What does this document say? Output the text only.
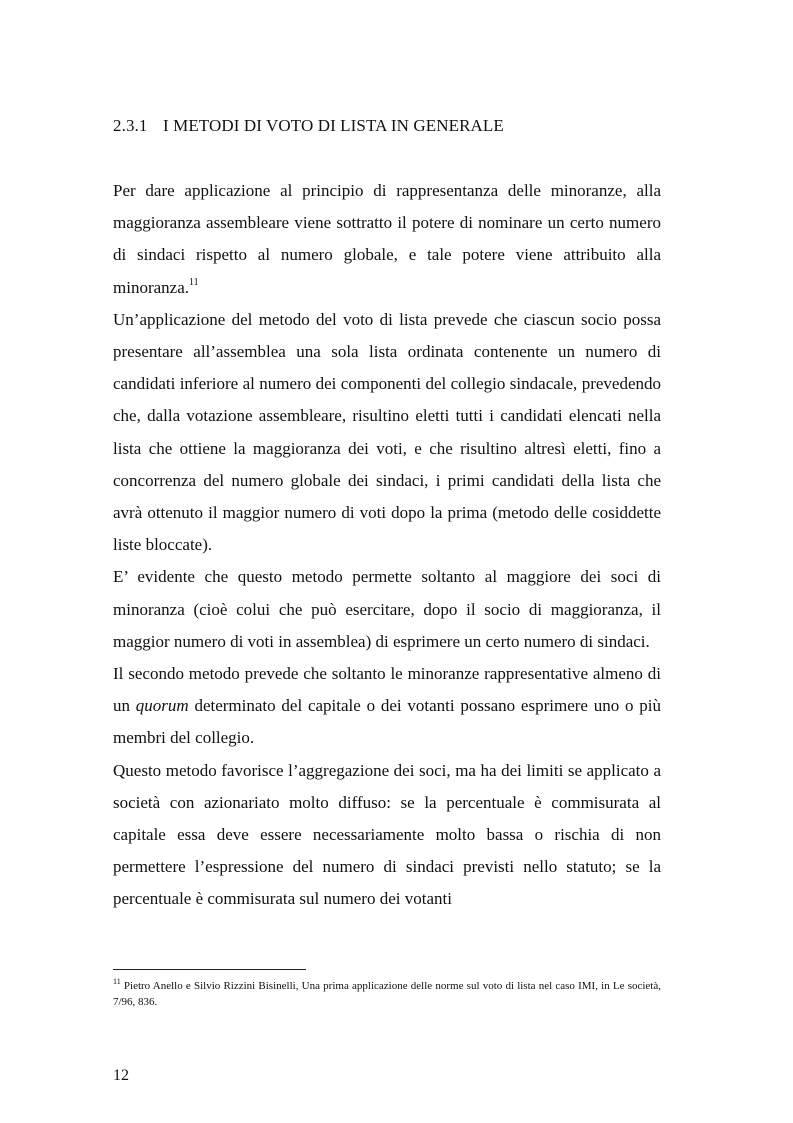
2.3.1 I METODI DI VOTO DI LISTA IN GENERALE

Per dare applicazione al principio di rappresentanza delle minoranze, alla maggioranza assembleare viene sottratto il potere di nominare un certo numero di sindaci rispetto al numero globale, e tale potere viene attribuito alla minoranza.$^{11}$

Un’applicazione del metodo del voto di lista prevede che ciascun socio possa presentare all’assemblea una sola lista ordinata contenente un numero di candidati inferiore al numero dei componenti del collegio sindacale, prevedendo che, dalla votazione assembleare, risultino eletti tutti i candidati elencati nella lista che ottiene la maggioranza dei voti, e che risultino altresì eletti, fino a concorrenza del numero globale dei sindaci, i primi candidati della lista che avrà ottenuto il maggior numero di voti dopo la prima (metodo delle cosiddette liste bloccate).

E’ evidente che questo metodo permette soltanto al maggiore dei soci di minoranza (cioè colui che può esercitare, dopo il socio di maggioranza, il maggior numero di voti in assemblea) di esprimere un certo numero di sindaci.

Il secondo metodo prevede che soltanto le minoranze rappresentative almeno di un quorum determinato del capitale o dei votanti possano esprimere uno o più membri del collegio.

Questo metodo favorisce l’aggregazione dei soci, ma ha dei limiti se applicato a società con azionariato molto diffuso: se la percentuale è commisurata al capitale essa deve essere necessariamente molto bassa o rischia di non permettere l’espressione del numero di sindaci previsti nello statuto; se la percentuale è commisurata sul numero dei votanti

$^{11}$ Pietro Anello e Silvio Rizzini Bisinelli, Una prima applicazione delle norme sul voto di lista nel caso IMI, in Le società, 7/96, 836.
12
